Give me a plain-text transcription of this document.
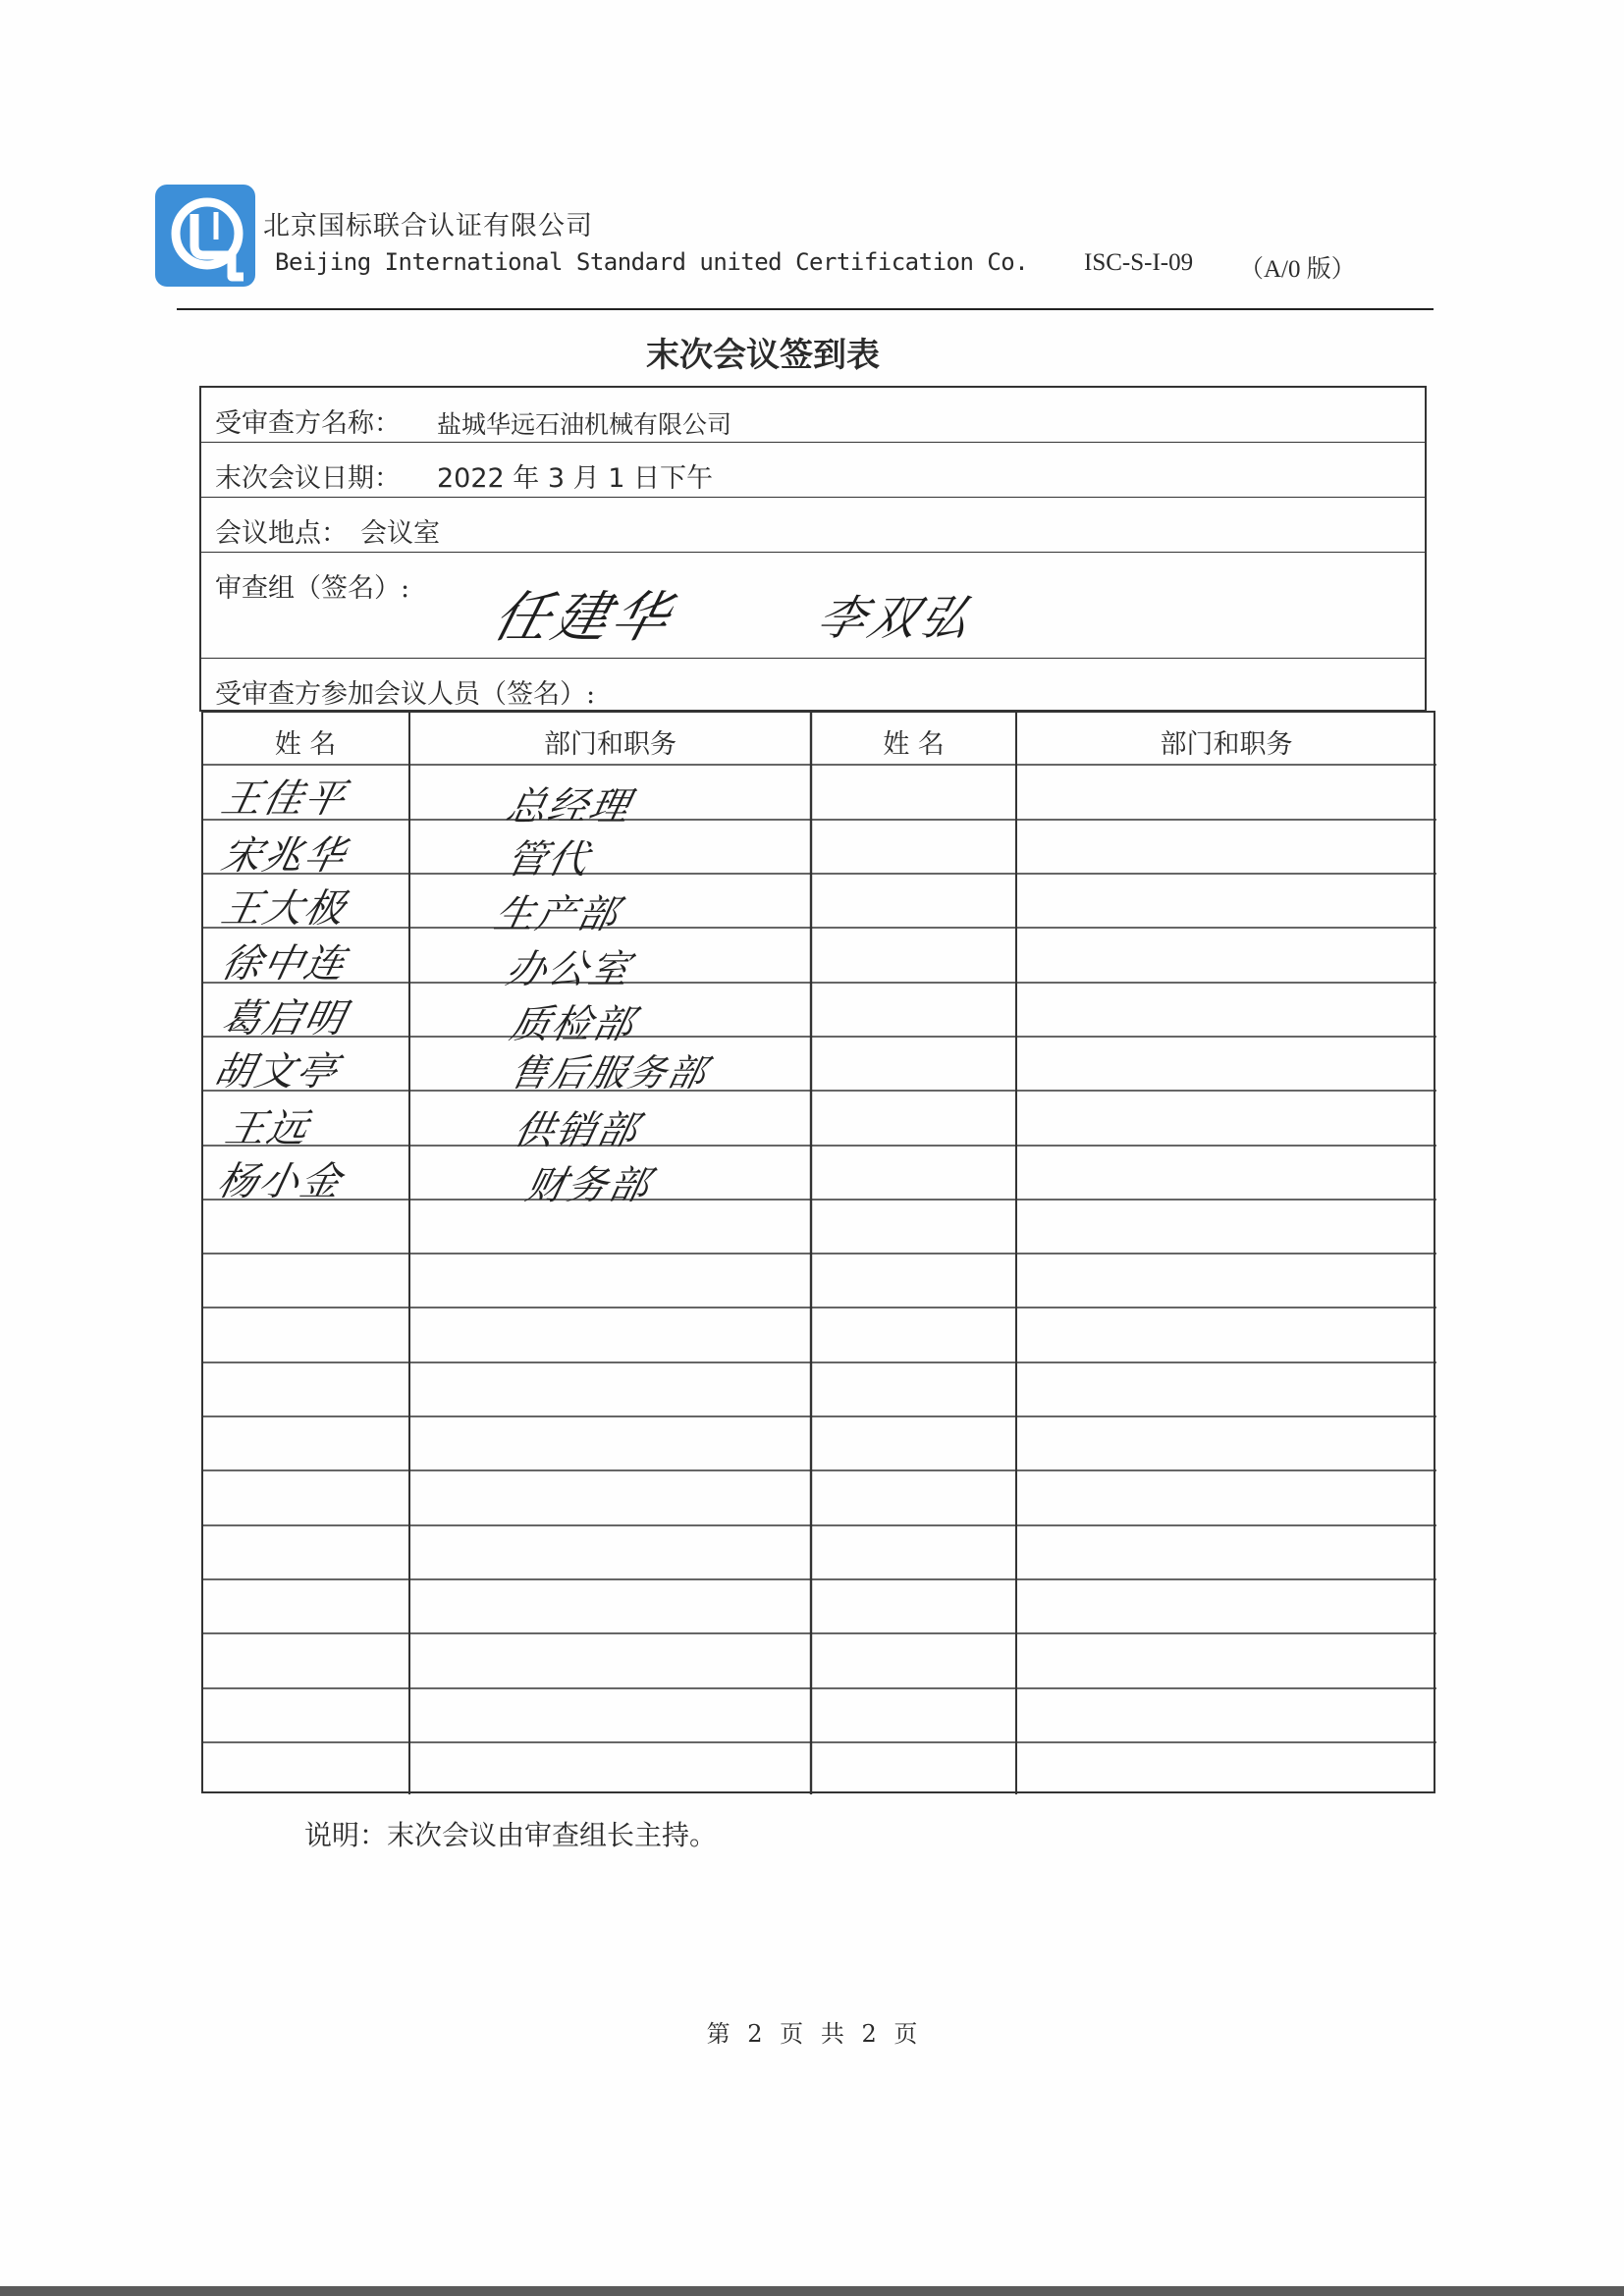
北京国标联合认证有限公司
Beijing International Standard united Certification Co. ISC-S-I-09 （A/0 版）
末次会议签到表
受审查方名称： 盐城华远石油机械有限公司
末次会议日期： 2022 年 3 月 1 日下午
会议地点： 会议室
审查组（签名）: 任建华	李双弘
受审查方参加会议人员（签名）:
姓 名	部门和职务	姓 名	部门和职务
王佳平	总经理
宋兆华	管代
王大极	生产部
徐中连	办公室
葛启明	质检部
胡文亭	售后服务部
王远	供销部
杨小金	财务部
说明：末次会议由审查组长主持。
第 2 页 共 2 页
